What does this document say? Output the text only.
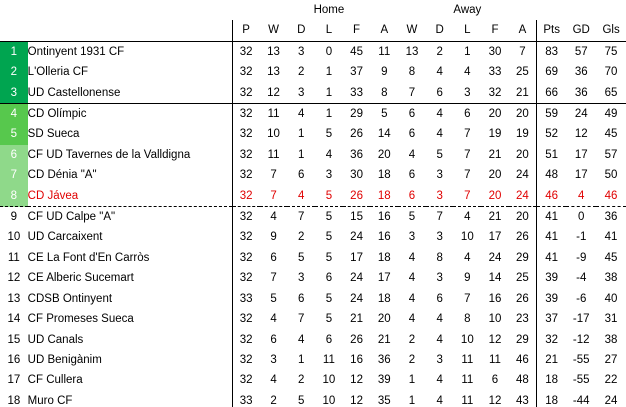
			Home					Away							
		P	W	D	L	F	A	W	D	L	F	A	Pts	GD	Gls
1	Ontinyent 1931 CF	32	13	3	0	45	11	13	2	1	30	7	83	57	75
2	L'Olleria CF	32	13	2	1	37	9	8	4	4	33	25	69	36	70
3	UD Castellonense	32	12	3	1	33	8	7	6	3	32	21	66	36	65
4	CD Olímpic	32	11	4	1	29	5	6	4	6	20	20	59	24	49
5	SD Sueca	32	10	1	5	26	14	6	4	7	19	19	52	12	45
6	CF UD Tavernes de la Valldigna	32	11	1	4	36	20	4	5	7	21	20	51	17	57
7	CD Dénia "A"	32	7	6	3	30	18	6	3	7	20	24	48	17	50
8	CD Jávea	32	7	4	5	26	18	6	3	7	20	24	46	4	46
9	CF UD Calpe "A"	32	4	7	5	15	16	5	7	4	21	20	41	0	36
10	UD Carcaixent	32	9	2	5	24	16	3	3	10	17	26	41	-1	41
11	CE La Font d'En Carròs	32	6	5	5	17	18	4	8	4	24	29	41	-9	45
12	CE Alberic Sucemart	32	7	3	6	24	17	4	3	9	14	25	39	-4	38
13	CDSB Ontinyent	33	5	6	5	24	18	4	6	7	16	26	39	-6	40
14	CF Promeses Sueca	32	4	7	5	21	20	4	4	8	10	23	37	-17	31
15	UD Canals	32	6	4	6	26	21	2	4	10	12	29	32	-12	38
16	UD Benigànim	32	3	1	11	16	36	2	3	11	11	46	21	-55	27
17	CF Cullera	32	4	2	10	12	39	1	4	11	6	48	18	-55	22
18	Muro CF	33	2	5	10	12	35	1	4	11	12	43	18	-44	24
